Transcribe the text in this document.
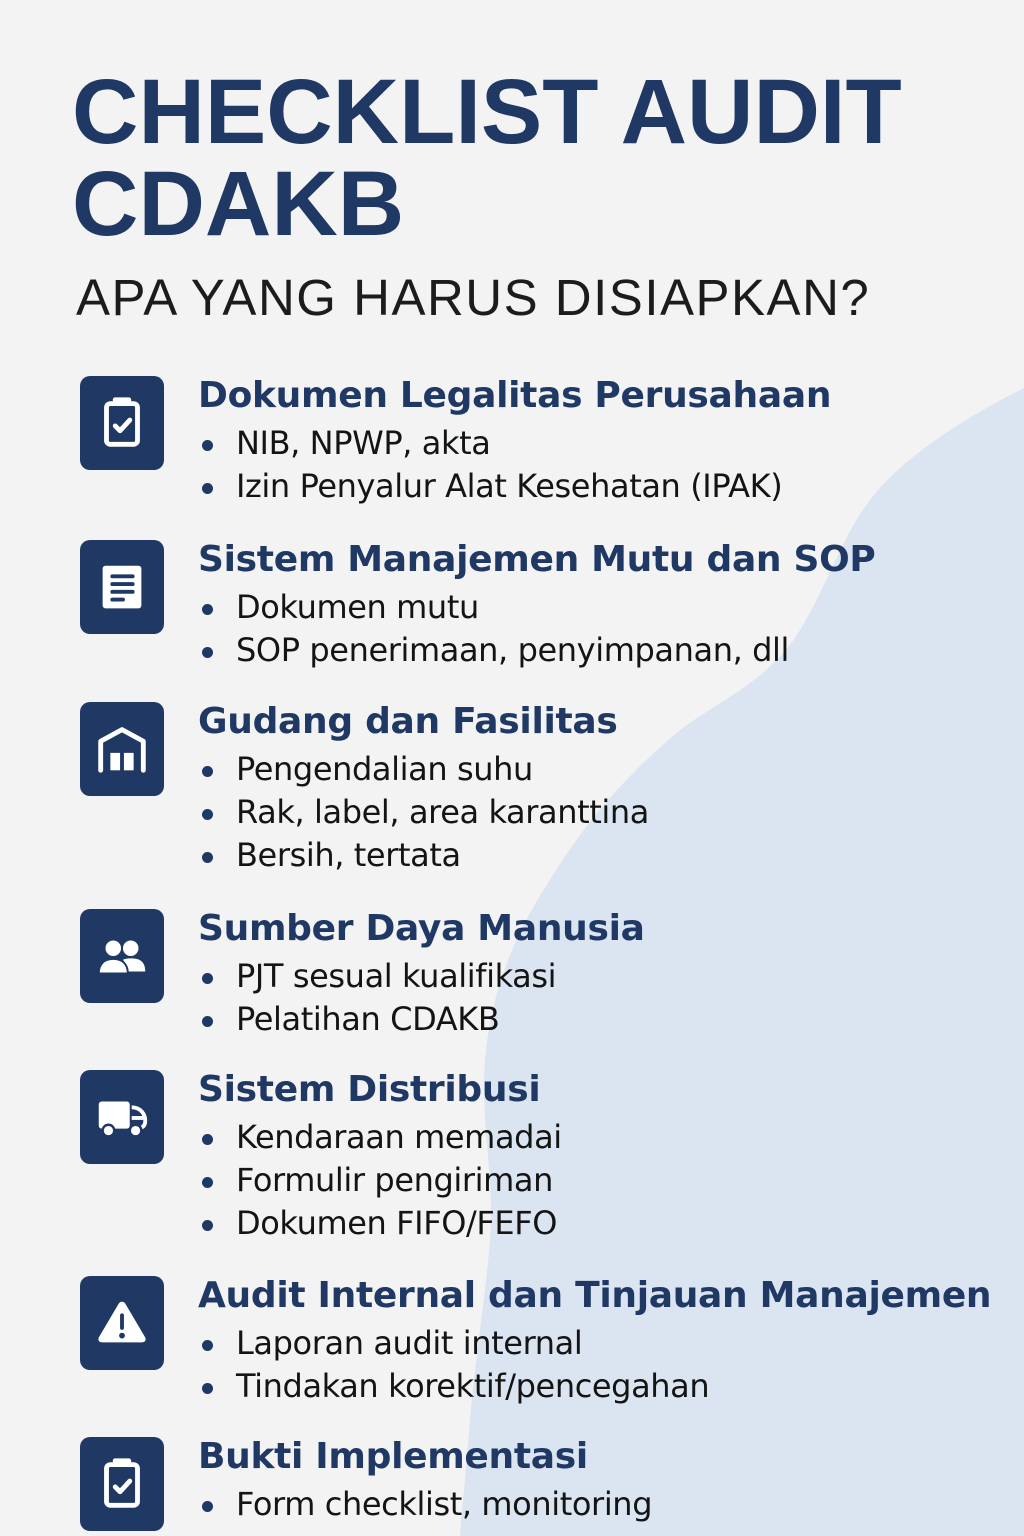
CHECKLIST AUDIT CDAKB
APA YANG HARUS DISIAPKAN?
Dokumen Legalitas Perusahaan
NIB, NPWP, akta
Izin Penyalur Alat Kesehatan (IPAK)
Sistem Manajemen Mutu dan SOP
Dokumen mutu
SOP penerimaan, penyimpanan, dll
Gudang dan Fasilitas
Pengendalian suhu
Rak, label, area karanttina
Bersih, tertata
Sumber Daya Manusia
PJT sesual kualifikasi
Pelatihan CDAKB
Sistem Distribusi
Kendaraan memadai
Formulir pengiriman
Dokumen FIFO/FEFO
Audit Internal dan Tinjauan Manajemen
Laporan audit internal
Tindakan korektif/pencegahan
Bukti Implementasi
Form checklist, monitoring
